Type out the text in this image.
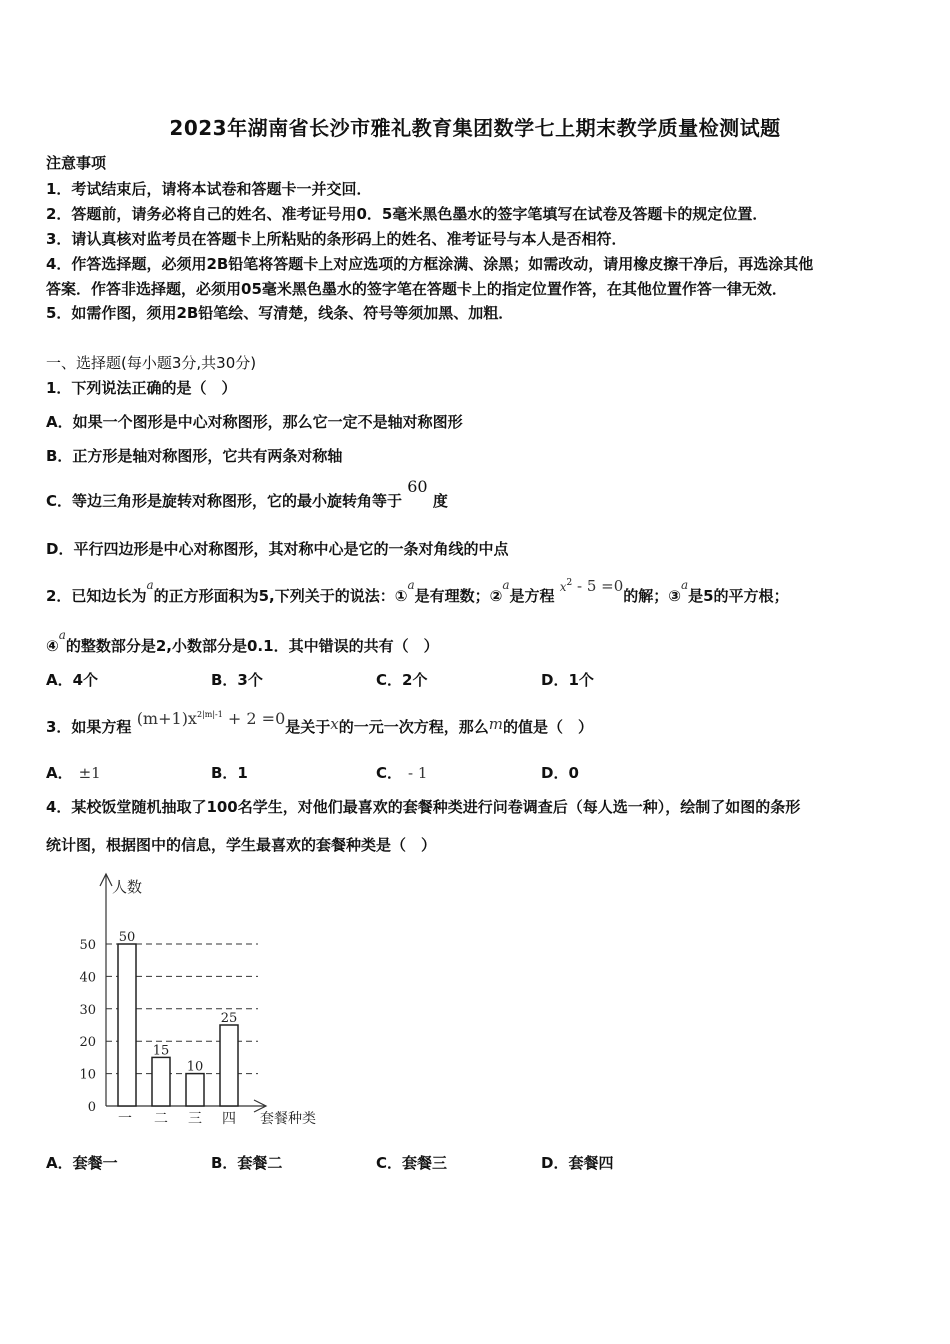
2023年湖南省长沙市雅礼教育集团数学七上期末教学质量检测试题
注意事项
1．考试结束后，请将本试卷和答题卡一并交回．
2．答题前，请务必将自己的姓名、准考证号用0．5毫米黑色墨水的签字笔填写在试卷及答题卡的规定位置．
3．请认真核对监考员在答题卡上所粘贴的条形码上的姓名、准考证号与本人是否相符．
4．作答选择题，必须用2B铅笔将答题卡上对应选项的方框涂满、涂黑；如需改动，请用橡皮擦干净后，再选涂其他
答案．作答非选择题，必须用05毫米黑色墨水的签字笔在答题卡上的指定位置作答，在其他位置作答一律无效．
5．如需作图，须用2B铅笔绘、写清楚，线条、符号等须加黑、加粗．
一、选择题(每小题3分,共30分)
1．下列说法正确的是（　）
A．如果一个图形是中心对称图形，那么它一定不是轴对称图形
B．正方形是轴对称图形，它共有两条对称轴
C．等边三角形是旋转对称图形，它的最小旋转角等于 60 度
D．平行四边形是中心对称图形，其对称中心是它的一条对角线的中点
2．已知边长为$^a$的正方形面积为5,下列关于的说法：①$^a$是有理数；②$^a$是方程 $^{x^2 - 5 =0}$的解；③$^a$是5的平方根；
④$^a$的整数部分是2,小数部分是0.1．其中错误的共有（　）
A．4个	B．3个	C．2个	D．1个
3．如果方程 $^{(m+1)x^{2|m|-1} + 2 =0}$是关于x的一元一次方程，那么m的值是（　）
A． ±1	B．1	C． - 1	D．0
4．某校饭堂随机抽取了100名学生，对他们最喜欢的套餐种类进行问卷调查后（每人选一种），绘制了如图的条形
统计图，根据图中的信息，学生最喜欢的套餐种类是（　）
0
10
20
30
40
50
50
一
15
二
10
三
25
四
人数
套餐种类
A．套餐一	B．套餐二	C．套餐三	D．套餐四
